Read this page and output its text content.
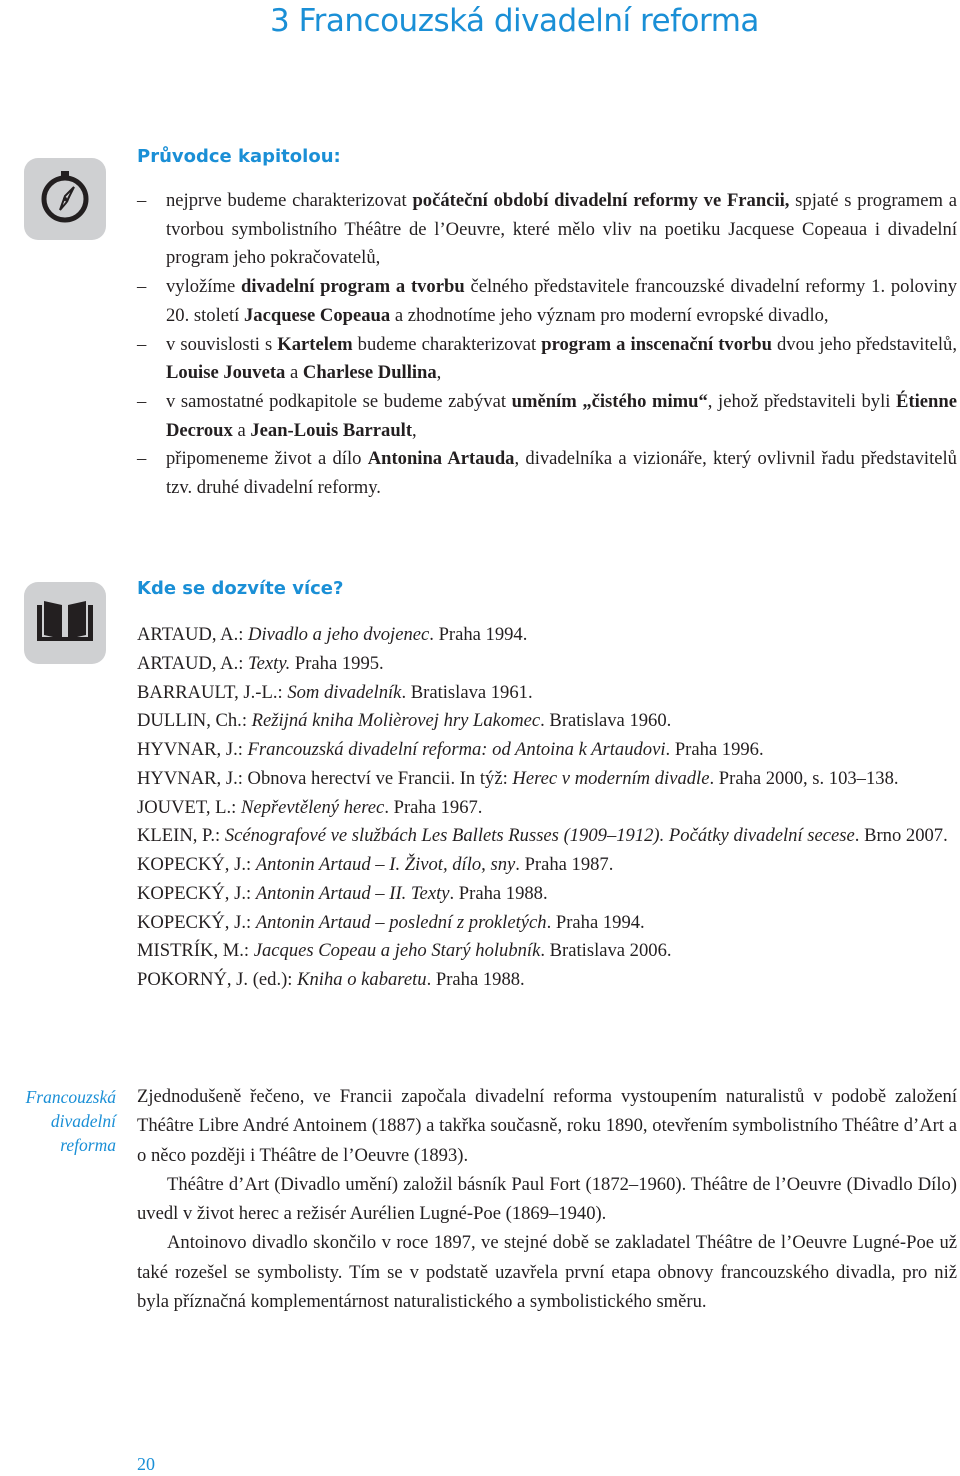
3 Francouzská divadelní reforma
Průvodce kapitolou:
– nejprve budeme charakterizovat počáteční období divadelní reformy ve Francii, spjaté s programem a tvorbou symbolistního Théâtre de l’Oeuvre, které mělo vliv na poetiku Jacquese Copeaua i divadelní program jeho pokračovatelů,
– vyložíme divadelní program a tvorbu čelného představitele francouzské divadelní reformy 1. poloviny 20. století Jacquese Copeaua a zhodnotíme jeho význam pro moderní evropské divadlo,
– v souvislosti s Kartelem budeme charakterizovat program a inscenační tvorbu dvou jeho představitelů, Louise Jouveta a Charlese Dullina,
– v samostatné podkapitole se budeme zabývat uměním „čistého mimu“, jehož představiteli byli Étienne Decroux a Jean-Louis Barrault,
– připomeneme život a dílo Antonina Artauda, divadelníka a vizionáře, který ovlivnil řadu představitelů tzv. druhé divadelní reformy.
Kde se dozvíte více?
ARTAUD, A.: Divadlo a jeho dvojenec. Praha 1994.
ARTAUD, A.: Texty. Praha 1995.
BARRAULT, J.-L.: Som divadelník. Bratislava 1961.
DULLIN, Ch.: Režijná kniha Molièrovej hry Lakomec. Bratislava 1960.
HYVNAR, J.: Francouzská divadelní reforma: od Antoina k Artaudovi. Praha 1996.
HYVNAR, J.: Obnova herectví ve Francii. In týž: Herec v moderním divadle. Praha 2000, s. 103–138.
JOUVET, L.: Nepřevtělený herec. Praha 1967.
KLEIN, P.: Scénografové ve službách Les Ballets Russes (1909–1912). Počátky divadelní secese. Brno 2007.
KOPECKÝ, J.: Antonin Artaud – I. Život, dílo, sny. Praha 1987.
KOPECKÝ, J.: Antonin Artaud – II. Texty. Praha 1988.
KOPECKÝ, J.: Antonin Artaud – poslední z prokletých. Praha 1994.
MISTRÍK, M.: Jacques Copeau a jeho Starý holubník. Bratislava 2006.
POKORNÝ, J. (ed.): Kniha o kabaretu. Praha 1988.
Francouzská divadelní reforma

Zjednodušeně řečeno, ve Francii započala divadelní reforma vystoupením naturalistů v podobě založení Théâtre Libre André Antoinem (1887) a takřka současně, roku 1890, otevřením symbolistního Théâtre d’Art a o něco později i Théâtre de l’Oeuvre (1893).

Théâtre d’Art (Divadlo umění) založil básník Paul Fort (1872–1960). Théâtre de l’Oeuvre (Divadlo Dílo) uvedl v život herec a režisér Aurélien Lugné-Poe (1869–1940).

Antoinovo divadlo skončilo v roce 1897, ve stejné době se zakladatel Théâtre de l’Oeuvre Lugné-Poe už také rozešel se symbolisty. Tím se v podstatě uzavřela první etapa obnovy francouzského divadla, pro niž byla příznačná komplementárnost naturalistického a symbolistického směru.

20
